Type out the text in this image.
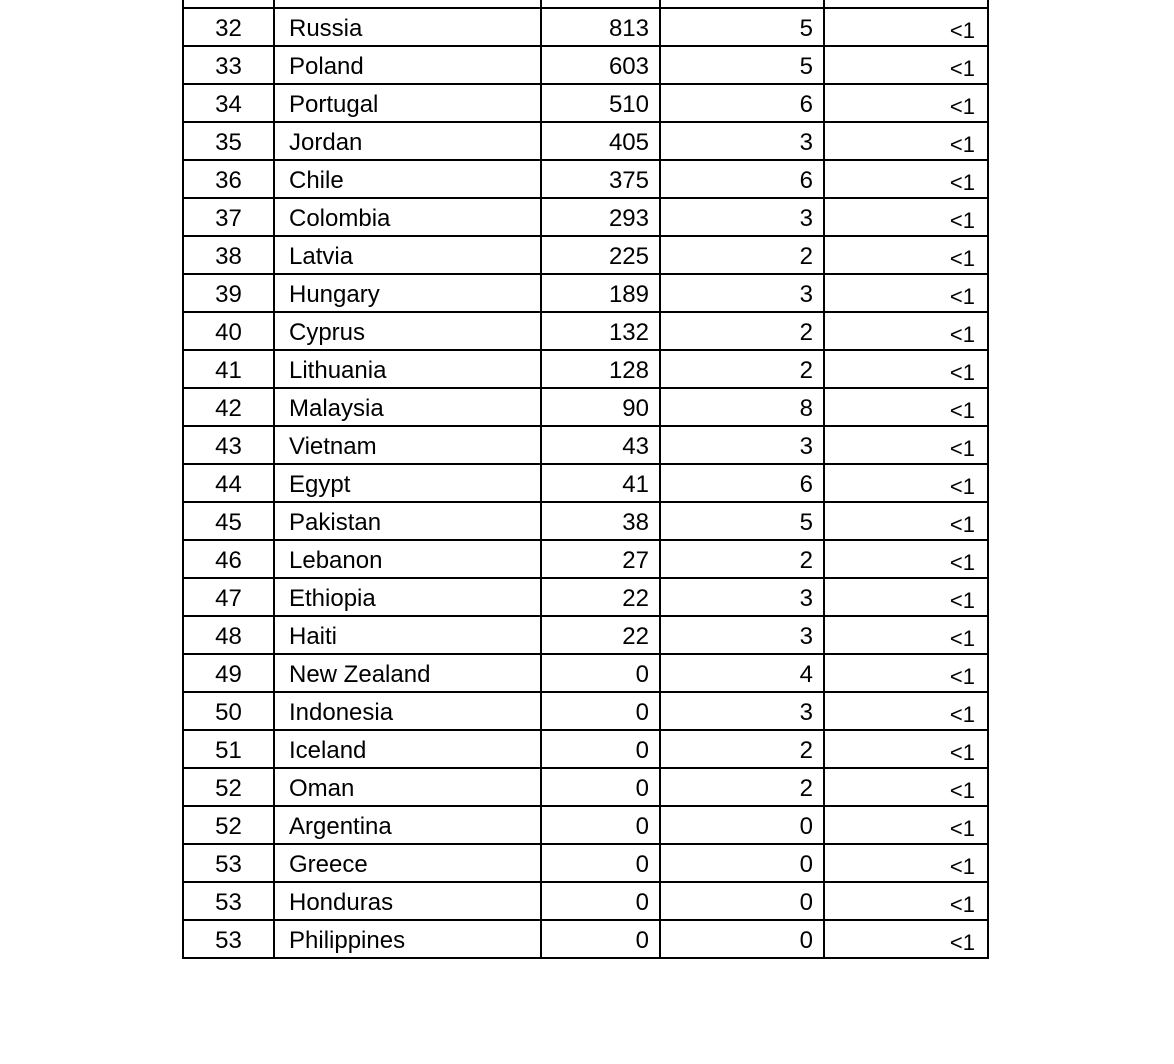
32	Russia	813	5	<1
33	Poland	603	5	<1
34	Portugal	510	6	<1
35	Jordan	405	3	<1
36	Chile	375	6	<1
37	Colombia	293	3	<1
38	Latvia	225	2	<1
39	Hungary	189	3	<1
40	Cyprus	132	2	<1
41	Lithuania	128	2	<1
42	Malaysia	90	8	<1
43	Vietnam	43	3	<1
44	Egypt	41	6	<1
45	Pakistan	38	5	<1
46	Lebanon	27	2	<1
47	Ethiopia	22	3	<1
48	Haiti	22	3	<1
49	New Zealand	0	4	<1
50	Indonesia	0	3	<1
51	Iceland	0	2	<1
52	Oman	0	2	<1
52	Argentina	0	0	<1
53	Greece	0	0	<1
53	Honduras	0	0	<1
53	Philippines	0	0	<1
